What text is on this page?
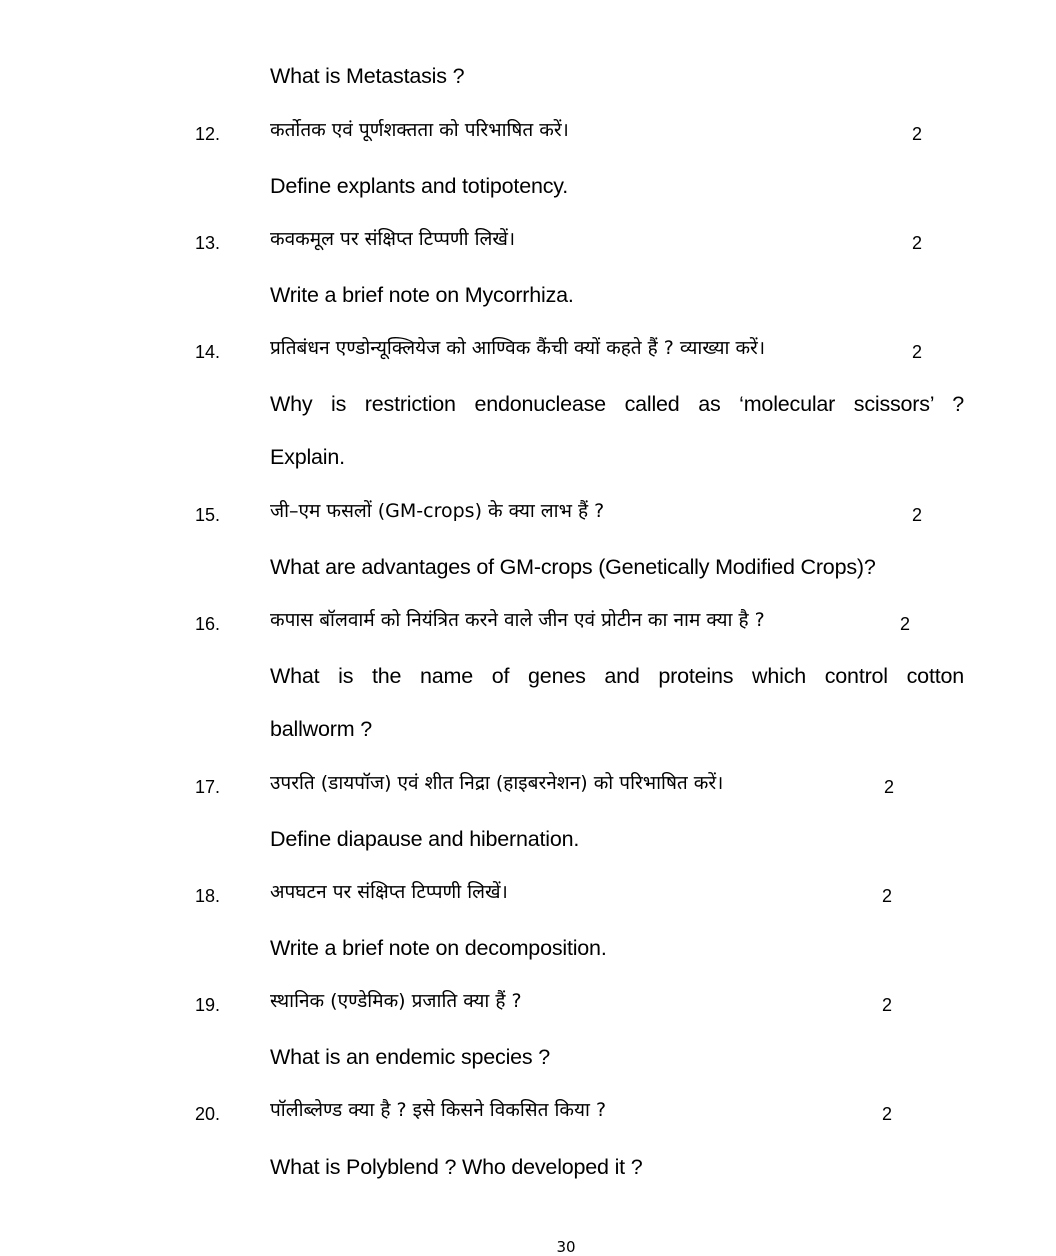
What is Metastasis ?
12.	कर्तोतक एवं पूर्णशक्तता को परिभाषित करें।	2
Define explants and totipotency.
13.	कवकमूल पर संक्षिप्त टिप्पणी लिखें।	2
Write a brief note on Mycorrhiza.
14.	प्रतिबंधन एण्डोन्यूक्लियेज को आण्विक कैंची क्यों कहते हैं ? व्याख्या करें।	2
Why is restriction endonuclease called as ‘molecular scissors’ ?
Explain.
15.	जी–एम फसलों (GM-crops) के क्या लाभ हैं ?	2
What are advantages of GM-crops (Genetically Modified Crops)?
16.	कपास बॉलवार्म को नियंत्रित करने वाले जीन एवं प्रोटीन का नाम क्या है ?	2
What is the name of genes and proteins which control cotton
ballworm ?
17.	उपरति (डायपॉज) एवं शीत निद्रा (हाइबरनेशन) को परिभाषित करें।	2
Define diapause and hibernation.
18.	अपघटन पर संक्षिप्त टिप्पणी लिखें।	2
Write a brief note on decomposition.
19.	स्थानिक (एण्डेमिक) प्रजाति क्या हैं ?	2
What is an endemic species ?
20.	पॉलीब्लेण्ड क्या है ? इसे किसने विकसित किया ?	2
What is Polyblend ? Who developed it ?
30
